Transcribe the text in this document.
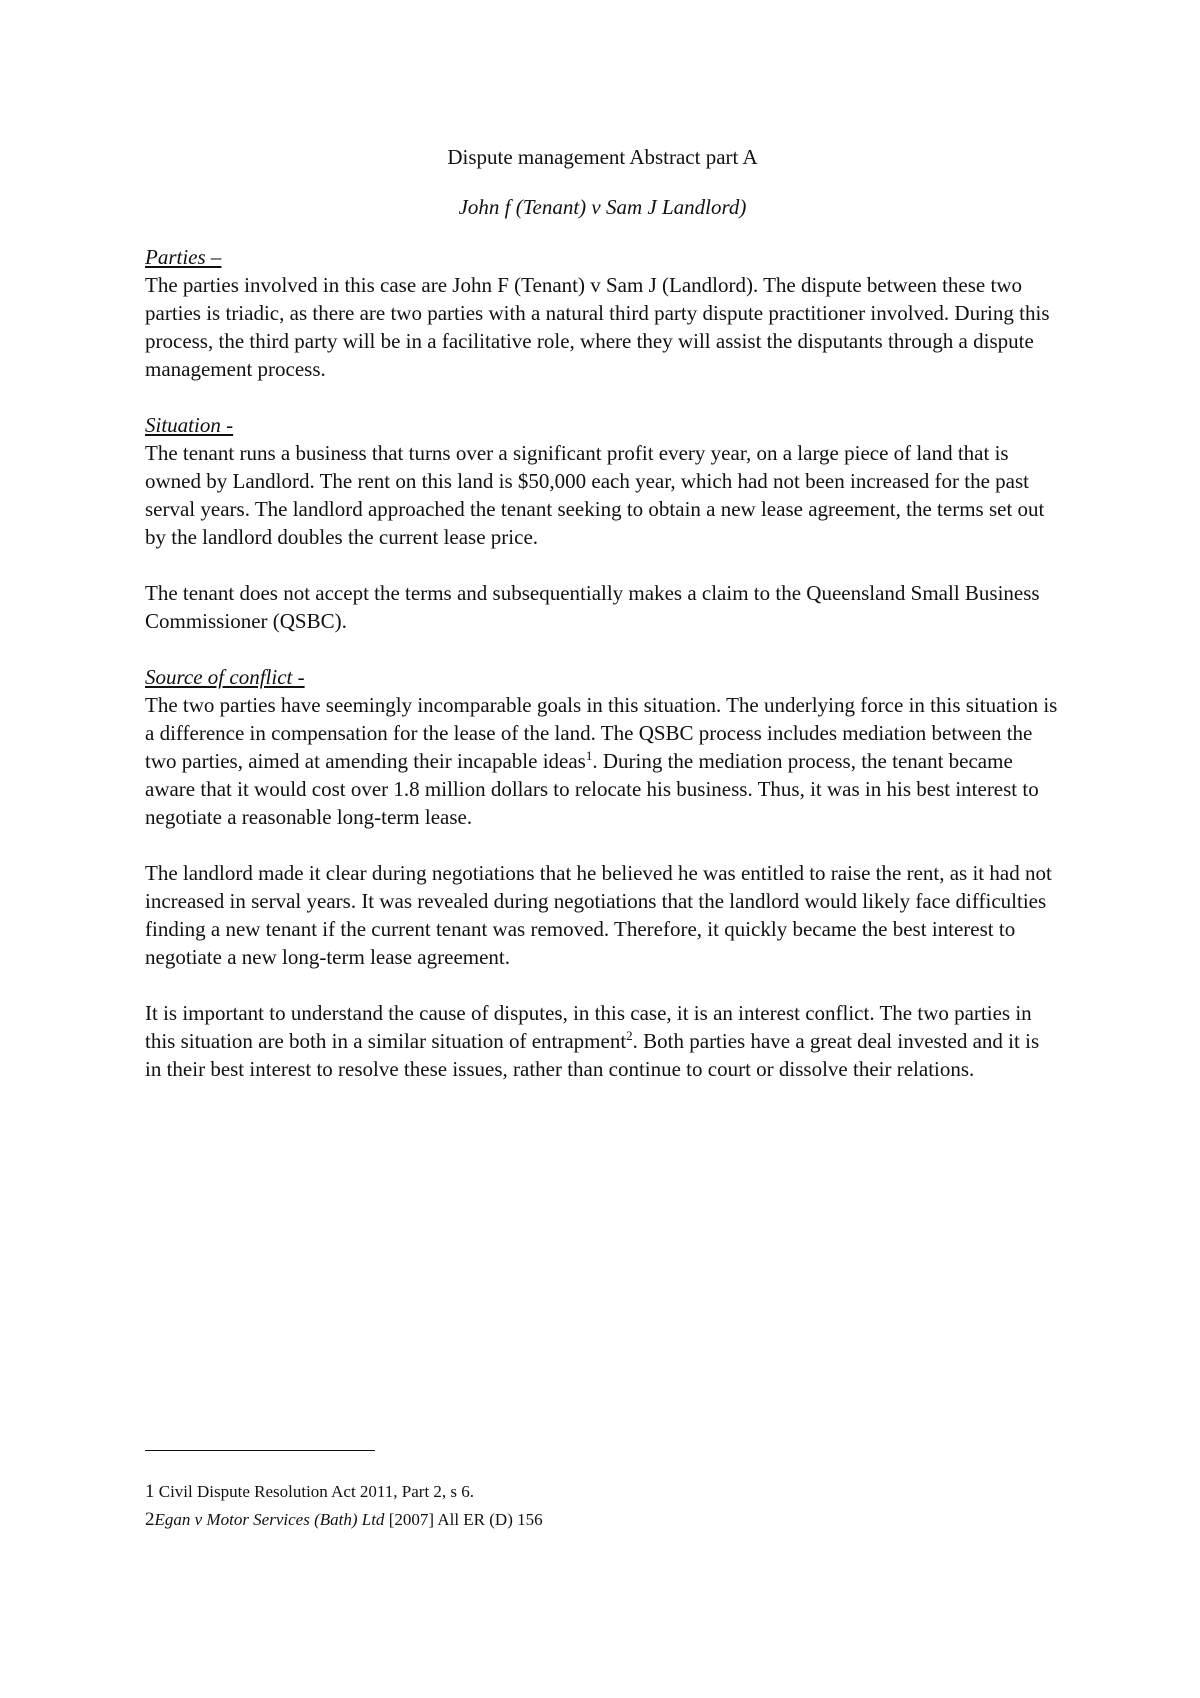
Dispute management Abstract part A
John f (Tenant) v Sam J Landlord)
Parties –

The parties involved in this case are John F (Tenant) v Sam J (Landlord). The dispute between these two parties is triadic, as there are two parties with a natural third party dispute practitioner involved. During this process, the third party will be in a facilitative role, where they will assist the disputants through a dispute management process.

Situation -

The tenant runs a business that turns over a significant profit every year, on a large piece of land that is owned by Landlord. The rent on this land is $50,000 each year, which had not been increased for the past serval years. The landlord approached the tenant seeking to obtain a new lease agreement, the terms set out by the landlord doubles the current lease price.

The tenant does not accept the terms and subsequentially makes a claim to the Queensland Small Business Commissioner (QSBC).

Source of conflict -

The two parties have seemingly incomparable goals in this situation. The underlying force in this situation is a difference in compensation for the lease of the land. The QSBC process includes mediation between the two parties, aimed at amending their incapable ideas$^1$. During the mediation process, the tenant became aware that it would cost over 1.8 million dollars to relocate his business. Thus, it was in his best interest to negotiate a reasonable long-term lease.

The landlord made it clear during negotiations that he believed he was entitled to raise the rent, as it had not increased in serval years. It was revealed during negotiations that the landlord would likely face difficulties finding a new tenant if the current tenant was removed. Therefore, it quickly became the best interest to negotiate a new long-term lease agreement.

It is important to understand the cause of disputes, in this case, it is an interest conflict. The two parties in this situation are both in a similar situation of entrapment$^2$. Both parties have a great deal invested and it is in their best interest to resolve these issues, rather than continue to court or dissolve their relations.

1 Civil Dispute Resolution Act 2011, Part 2, s 6.
2Egan v Motor Services (Bath) Ltd [2007] All ER (D) 156
